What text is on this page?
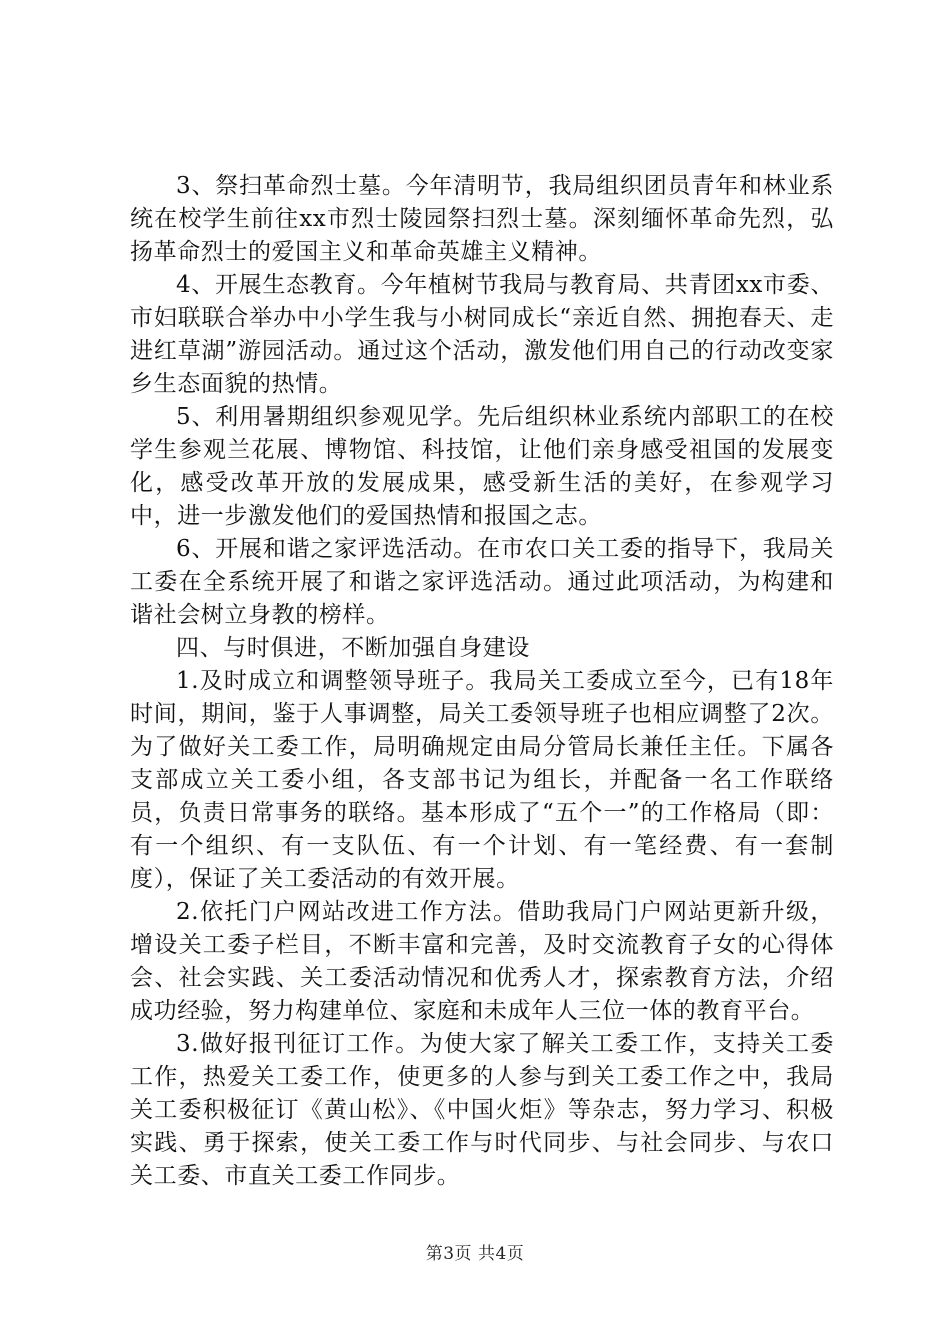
3、祭扫革命烈士墓。今年清明节，我局组织团员青年和林业系统在校学生前往xx市烈士陵园祭扫烈士墓。深刻缅怀革命先烈，弘扬革命烈士的爱国主义和革命英雄主义精神。

4、开展生态教育。今年植树节我局与教育局、共青团xx市委、市妇联联合举办中小学生我与小树同成长“亲近自然、拥抱春天、走进红草湖”游园活动。通过这个活动，激发他们用自己的行动改变家乡生态面貌的热情。

5、利用暑期组织参观见学。先后组织林业系统内部职工的在校学生参观兰花展、博物馆、科技馆，让他们亲身感受祖国的发展变化，感受改革开放的发展成果，感受新生活的美好，在参观学习中，进一步激发他们的爱国热情和报国之志。

6、开展和谐之家评选活动。在市农口关工委的指导下，我局关工委在全系统开展了和谐之家评选活动。通过此项活动，为构建和谐社会树立身教的榜样。

四、与时俱进，不断加强自身建设

1.及时成立和调整领导班子。我局关工委成立至今，已有18年时间，期间，鉴于人事调整，局关工委领导班子也相应调整了2次。为了做好关工委工作，局明确规定由局分管局长兼任主任。下属各支部成立关工委小组，各支部书记为组长，并配备一名工作联络员，负责日常事务的联络。基本形成了“五个一”的工作格局（即：有一个组织、有一支队伍、有一个计划、有一笔经费、有一套制度），保证了关工委活动的有效开展。

2.依托门户网站改进工作方法。借助我局门户网站更新升级，增设关工委子栏目，不断丰富和完善，及时交流教育子女的心得体会、社会实践、关工委活动情况和优秀人才，探索教育方法，介绍成功经验，努力构建单位、家庭和未成年人三位一体的教育平台。

3.做好报刊征订工作。为使大家了解关工委工作，支持关工委工作，热爱关工委工作，使更多的人参与到关工委工作之中，我局关工委积极征订《黄山松》、《中国火炬》等杂志，努力学习、积极实践、勇于探索，使关工委工作与时代同步、与社会同步、与农口关工委、市直关工委工作同步。

第3页 共4页
